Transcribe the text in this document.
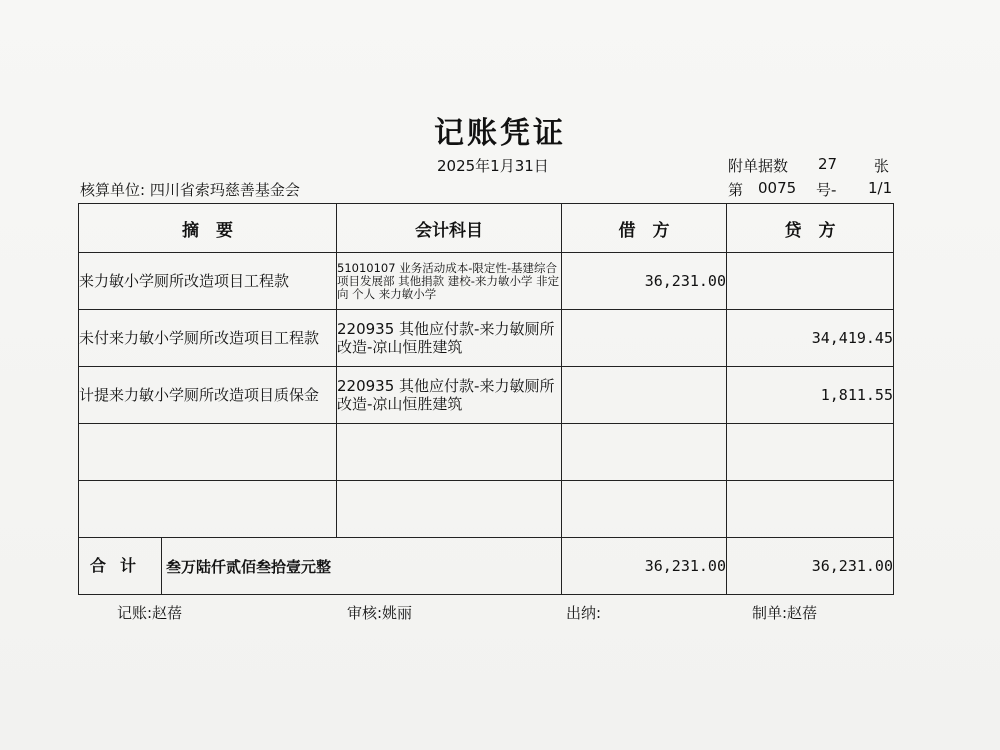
记账凭证
2025年1月31日	附单据数 27 张
核算单位: 四川省索玛慈善基金会	第 0075 号- 1/1
摘　要	会计科目	借　方	贷　方
来力敏小学厕所改造项目工程款	51010107 业务活动成本-限定性-基建综合项目发展部 其他捐款 建校-来力敏小学 非定向 个人 来力敏小学	36,231.00	
未付来力敏小学厕所改造项目工程款	220935 其他应付款-来力敏厕所改造-凉山恒胜建筑		34,419.45
计提来力敏小学厕所改造项目质保金	220935 其他应付款-来力敏厕所改造-凉山恒胜建筑		1,811.55

合计 叁万陆仟贰佰叁拾壹元整		36,231.00	36,231.00
记账:赵蓓	审核:姚丽	出纳:	制单:赵蓓
